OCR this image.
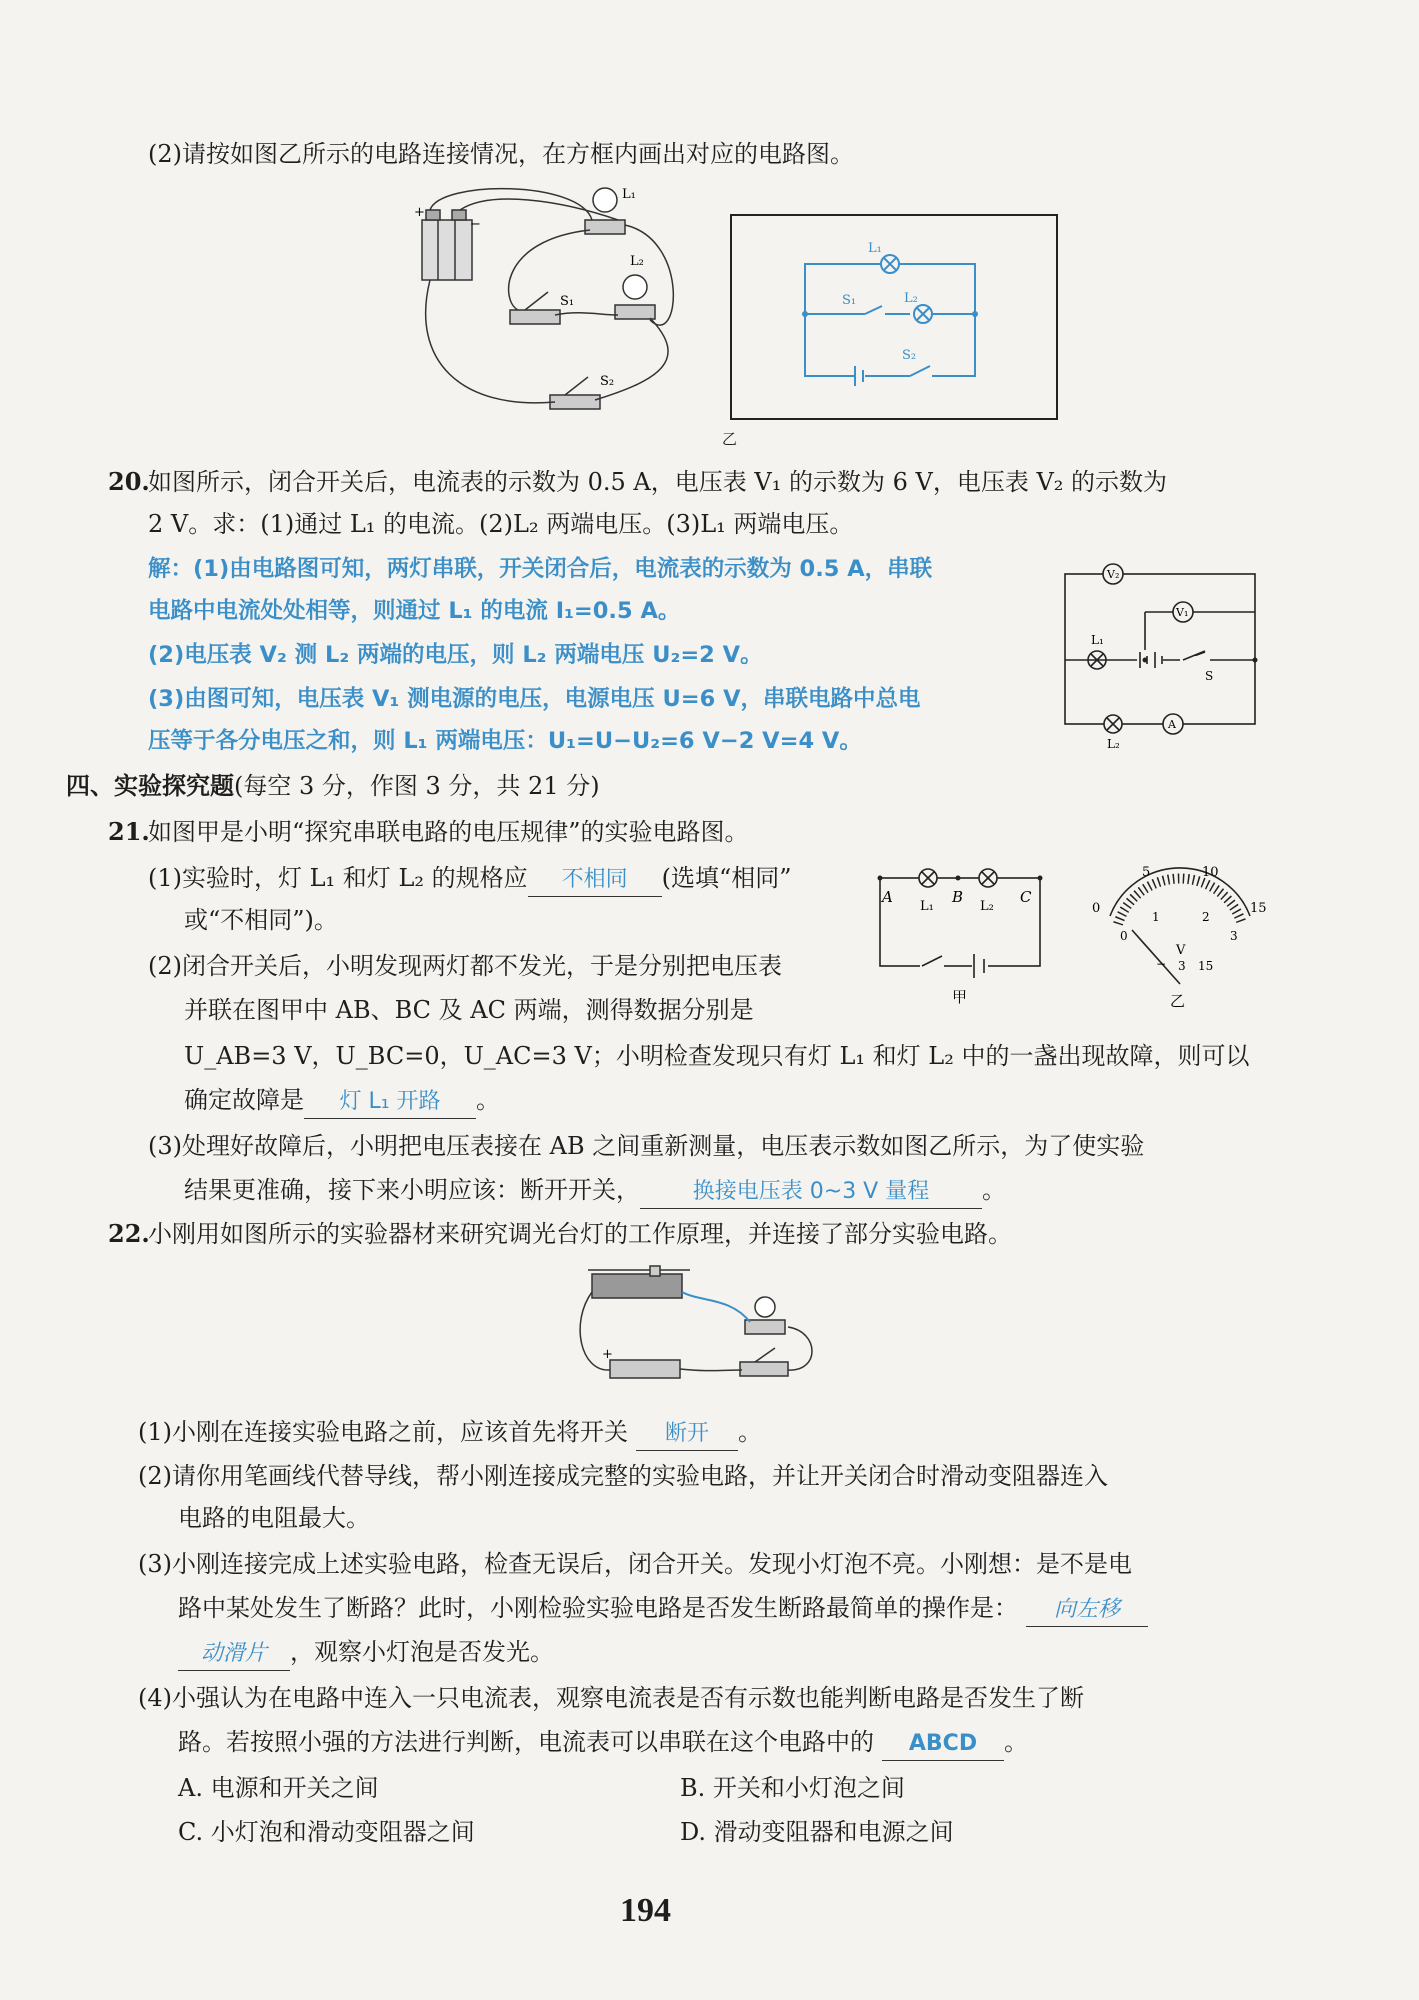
(2)请按如图乙所示的电路连接情况，在方框内画出对应的电路图。
L₁
L₂
S₁
S₂
+
−
L₁
S₁	L₂
S₂
乙
20.
如图所示，闭合开关后，电流表的示数为 0.5 A，电压表 V₁ 的示数为 6 V，电压表 V₂ 的示数为
2 V。求：(1)通过 L₁ 的电流。(2)L₂ 两端电压。(3)L₁ 两端电压。
解：(1)由电路图可知，两灯串联，开关闭合后，电流表的示数为 0.5 A，串联
电路中电流处处相等，则通过 L₁ 的电流 I₁=0.5 A。
(2)电压表 V₂ 测 L₂ 两端的电压，则 L₂ 两端电压 U₂=2 V。
(3)由图可知，电压表 V₁ 测电源的电压，电源电压 U=6 V，串联电路中总电
压等于各分电压之和，则 L₁ 两端电压：U₁=U−U₂=6 V−2 V=4 V。
V₂
V₁
L₁
S
A
L₂
四、实验探究题(每空 3 分，作图 3 分，共 21 分)
21.
如图甲是小明“探究串联电路的电压规律”的实验电路图。
(1)实验时，灯 L₁ 和灯 L₂ 的规格应 不相同 (选填“相同”
或“不相同”)。
(2)闭合开关后，小明发现两灯都不发光，于是分别把电压表
并联在图甲中 AB、BC 及 AC 两端，测得数据分别是
U_AB=3 V，U_BC=0，U_AC=3 V；小明检查发现只有灯 L₁ 和灯 L₂ 中的一盏出现故障，则可以
确定故障是 灯 L₁ 开路 。
(3)处理好故障后，小明把电压表接在 AB 之间重新测量，电压表示数如图乙所示，为了使实验
结果更准确，接下来小明应该：断开开关， 换接电压表 0~3 V 量程 。
A	B	C
L₁	L₂
甲
0
5	10
15
0
1	2
3
V
− 3 15
乙
22.
小刚用如图所示的实验器材来研究调光台灯的工作原理，并连接了部分实验电路。
+
(1)小刚在连接实验电路之前，应该首先将开关 断开 。
(2)请你用笔画线代替导线，帮小刚连接成完整的实验电路，并让开关闭合时滑动变阻器连入
电路的电阻最大。
(3)小刚连接完成上述实验电路，检查无误后，闭合开关。发现小灯泡不亮。小刚想：是不是电
路中某处发生了断路？此时，小刚检验实验电路是否发生断路最简单的操作是： 向左移
动滑片 ，观察小灯泡是否发光。
(4)小强认为在电路中连入一只电流表，观察电流表是否有示数也能判断电路是否发生了断
路。若按照小强的方法进行判断，电流表可以串联在这个电路中的 ABCD 。
A. 电源和开关之间	B. 开关和小灯泡之间
C. 小灯泡和滑动变阻器之间	D. 滑动变阻器和电源之间
194
